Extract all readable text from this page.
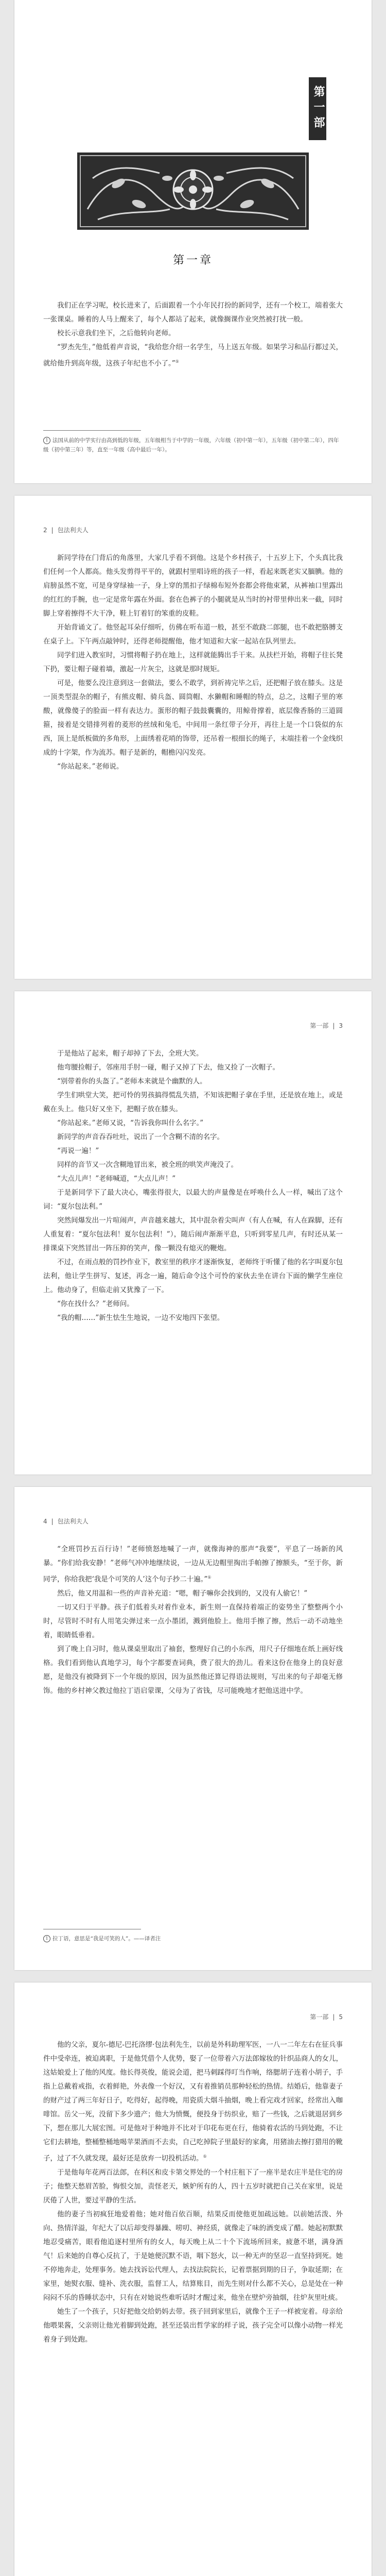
第一部
第一章

我们正在学习呢，校长进来了，后面跟着一个小年民打扮的新同学，还有一个校工，端着张大一张课桌。睡着的人马上醒来了，每个人都站了起来，就像搁课作业突然被打扰一般。

校长示意我们坐下，之后他转向老师。

“罗杰先生，”他低着声音说，“我给您介绍一名学生，马上送五年级。如果学习和品行都过关，就给他升到高年级，这孩子年纪也不小了。”①

1 法国从前的中学实行由高到低的年级，五年级相当于中学的一年级，六年级（初中第一年），五年级（初中第二年），四年级（初中第三年）等，直至一年级（高中最后一年）。
2 | 包法利夫人

新同学待在门背后的角落里，大家几乎看不到他。这是个乡村孩子，十五岁上下，个头真比我们任何一个人都高。他头发剪得平平的，就跟村里唱诗班的孩子一样，看起来既老实又腼腆。他的肩膀虽然不宽，可是身穿绿袖一子，身上穿的黑扣子绿棉布短外套都会将他束紧，从裤袖口里露出的红红的手腕，也一定是常年露在外面。套在色裤子的小腿就是从当时的衬带里伸出来一截，同时脚上穿着擦得不大干净，鞋上钉着钉的笨重的皮鞋。

开始背诵文了。他竖起耳朵仔细听，仿佛在听布道一般，甚至不敢跷二郎腿，也不敢把胳膊支在桌子上。下午两点敲钟时，还得老师提醒他，他才知道和大家一起站在队列里去。

同学们进入教室时，习惯将帽子扔在地上，这样就能腾出手干来。从扶栏开始，将帽子往长凳下扔，要让帽子碰着墙，激起一片灰尘，这就是那时规矩。

可是，他要么没注意到这一套做法，要么不敢学，到祈祷完毕之后，还把帽子放在膝头。这是一顶类型混杂的帽子，有熊皮帽、骑兵盔、圆筒帽、水獭帽和睡帽的特点，总之，这帽子里的寒酸，就像傻子的脸面一样有表达力。蛋形的帽子鼓鼓囊囊的，用鲸骨撑着，底层像香肠的三道圆箍，接着是交错排列着的菱形的丝绒和兔毛，中间用一条红带子分开，再往上是一个口袋似的东西，顶上是纸板做的多角形，上面绣着花哨的饰带，还吊着一根细长的绳子，末端挂着一个金线织成的十字架，作为流苏。帽子是新的，帽檐闪闪发亮。

“你站起来。”老师说。

第一部 | 3

于是他站了起来，帽子却掉了下去，全班大笑。

他弯腰捡帽子，邻座用手肘一碰，帽子又掉了下去，他又捡了一次帽子。

“别带着你的头盔了。”老师本来就是个幽默的人。

学生们哄堂大笑，把可怜的男孩搞得慌乱失措，不知该把帽子拿在手里，还是放在地上，或是戴在头上。他只好又坐下，把帽子放在膝头。

“你站起来。”老师又说，“告诉我你叫什么名字。”

新同学的声音吞吞吐吐，说出了一个含糊不清的名字。

“再说一遍！”

同样的音节又一次含糊地冒出来，被全班的哄笑声淹没了。

“大点儿声！”老师喊道，“大点儿声！”

于是新同学下了最大决心，嘴张得很大，以最大的声量像是在呼唤什么人一样，喊出了这个词：“夏尔包法利。”

突然间爆发出一片喧闹声，声音越来越大，其中混杂着尖叫声（有人在喊，有人在跺脚，还有人重复着：“夏尔包法利！夏尔包法利！”），随后闹声渐渐平息，只听到零星几声，有时还从某一排课桌下突然冒出一阵压抑的笑声，像一颗没有熄灭的鞭炮。

不过，在雨点般的罚抄作业下，教室里的秩序才逐渐恢复，老师终于听懂了他的名字叫夏尔包法利，他让学生拼写、复述，再念一遍，随后命令这个可怜的家伙去坐在讲台下面的懒学生座位上。他动身了，但临走前又犹豫了一下。

“你在找什么？”老师问。

“我的帽……”新生怯生生地说，一边不安地四下张望。

4 | 包法利夫人

“全班罚抄五百行诗！”老师愤怒地喊了一声，就像海神的那声“我要”，平息了一场新的风暴。“你们给我安静！”老师气冲冲地继续说，一边从无边帽里掏出手帕擦了擦额头，“至于你，新同学，你给我把‘我是个可笑的人’这个句子抄二十遍。”①

然后，他又用温和一些的声音补充道：“嗯，帽子嘛你会找到的，又没有人偷它！”

一切又归于平静。孩子们低着头对着作业本，新生则一直保持着端正的姿势坐了整整两个小时，尽管时不时有人用笔尖弹过来一点小墨团，溅到他脸上。他用手擦了擦，然后一动不动地坐着，眼睛低垂着。

到了晚上自习时，他从课桌里取出了袖套，整理好自己的小东西，用尺子仔细地在纸上画好线格。我们看到他认真地学习，每个字都要查词典，费了很大的劲儿。看来这份在他身上的良好意愿，是他没有被降到下一个年级的原因，因为虽然他还算记得语法规则，写出来的句子却毫无修饰。他的乡村神父教过他拉丁语启蒙课，父母为了省钱，尽可能晚地才把他送进中学。

1 拉丁语，意思是“我是可笑的人”。——译者注
第一部 | 5

他的父亲，夏尔-德尼-巴托洛缪·包法利先生，以前是外科助理军医，一八一二年左右在征兵事件中受牵连，被迫离职，于是他凭借个人优势，娶了一位带着六万法郎嫁妆的针织品商人的女儿，这姑娘爱上了他的风度。他长得英俊，能说会道，把马刺踩得叮当作响，络腮胡子连着小胡子，手指上总戴着戒指，衣着鲜艳，外表像一个好汉，又有着推销员那种轻松的热情。结婚后，他靠妻子的财产过了两三年好日子，吃得好，起得晚，用瓷质大烟斗抽烟，晚上看完戏才回家，经常出入咖啡馆。岳父一死，没留下多少遗产；他大为愤慨，便投身于纺织业，赔了一些钱，之后就退居到乡下，想在那儿大展宏图。可是他对于种地并不比对于印花布更在行，他骑着农活的马到处跑，不让它们去耕地，整桶整桶地喝苹果酒而不去卖，自己吃掉院子里最好的家禽，用猪油去擦打猎用的靴子，过了不久就发现，最好还是放弃一切投机活动。①

于是他每年花两百法郎，在科区和皮卡第交界处的一个村庄租下了一座半是农庄半是住宅的房子；他整天愁眉苦脸，悔恨交加，责怪老天，嫉妒所有的人，四十五岁时就把自己关在家里，说是厌倦了人世，要过平静的生活。

他的妻子当初疯狂地爱着他；她对他百依百顺，结果反而使他更加疏远她。以前她活泼、外向、热情洋溢，年纪大了以后却变得暴躁、唠叨、神经质，就像走了味的酒变成了醋。她起初默默地忍受痛苦，眼看他追逐村里所有的女人，每天晚上从二十个下流场所回来，疲惫不堪，满身酒气！后来她的自尊心反抗了，于是她便沉默不语，咽下怒火，以一种无声的坚忍一直坚持到死。她不停地奔走，处理事务。她去找诉讼代理人，去找法院院长，记着票据到期的日子，争取延期；在家里，她熨衣服、缝补、洗衣服，监督工人，结算账目，而先生则对什么都不关心，总是处在一种闷闷不乐的昏睡状态中，只有在对她说些难听话时才醒过来，他坐在壁炉旁抽烟，往炉灰里吐痰。

她生了一个孩子，只好把他交给奶妈去带。孩子回到家里后，就像个王子一样被宠着。母亲给他喂果酱，父亲则让他光着脚到处跑，甚至还装出哲学家的样子说，孩子完全可以像小动物一样光着身子到处跑。
